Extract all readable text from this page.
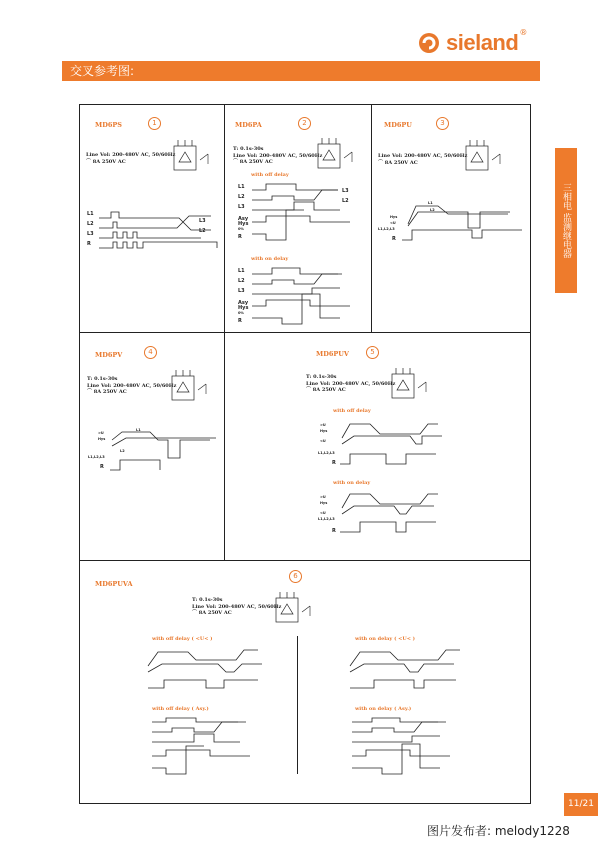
sieland ®
交叉参考图:
三相电 监测继电器
11/21
图片发布者: melody1228
MD6PS	1
Line Vol: 200-480V AC, 50/60Hz
⌒ 8A 250V AC
L1
L2
L3
R
L3
L2
MD6PA	2
T: 0.1s-30s
Line Vol: 200-480V AC, 50/60Hz
⌒ 8A 250V AC
with off delay
L1
L2
L3
Asy
Hys
0%
R
L3
L2
with on delay
L1
L2
L3
Asy
Hys
0%
R
MD6PU	3
Line Vol: 200-480V AC, 50/60Hz
⌒ 8A 250V AC
Hys
<U
L1,L2,L3
R
L1
L2
MD6PV	4
T: 0.1s-30s
Line Vol: 200-480V AC, 50/60Hz
⌒ 8A 250V AC
>U
Hys
L1,L2,L3
R
L1
L2
MD6PUV	5
T: 0.1s-30s
Line Vol: 200-480V AC, 50/60Hz
⌒ 8A 250V AC
with off delay
>U
Hys
<U
L1,L2,L3
R
with on delay
>U
Hys
<U
L1,L2,L3
R
MD6PUVA
6
T: 0.1s-30s
Line Vol: 200-480V AC, 50/60Hz
⌒ 8A 250V AC
with off delay ( <U< )	with on delay ( <U< )
with off delay ( Asy.)	with on delay ( Asy.)
